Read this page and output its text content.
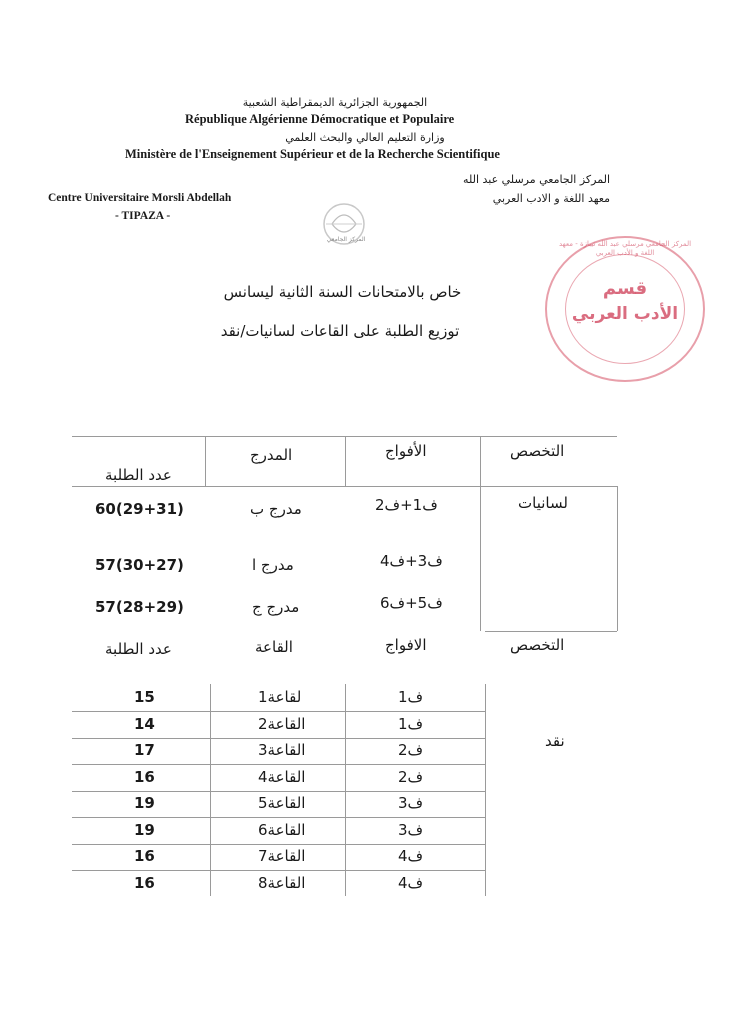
الجمهورية الجزائرية الديمقراطية الشعبية
République Algérienne Démocratique et Populaire
وزارة التعليم العالي والبحث العلمي
Ministère de l'Enseignement Supérieur et de la Recherche Scientifique
المركز الجامعي مرسلي عبد الله
معهد اللغة و الادب العربي
Centre Universitaire Morsli Abdellah
- TIPAZA -
المركز الجامعي
المركز الجامعي مرسلي عبد الله تيبازة - معهد اللغة و الأدب العربي
قسم
الأدب العربي
خاص بالامتحانات السنة الثانية ليسانس
توزيع الطلبة على القاعات لسانيات/نقد
التخصص
الأفواج
المدرج
عدد الطلبة
لسانيات
ف1+ف2
مدرج ب
60(29+31)
ف3+ف4
مدرج ا
57(30+27)
ف5+ف6
مدرج ج
57(28+29)
التخصص
الافواج
القاعة
عدد الطلبة
نقد
ف1
لقاعة1
15
ف1
القاعة2
14
ف2
القاعة3
17
ف2
القاعة4
16
ف3
القاعة5
19
ف3
القاعة6
19
ف4
القاعة7
16
ف4
القاعة8
16
